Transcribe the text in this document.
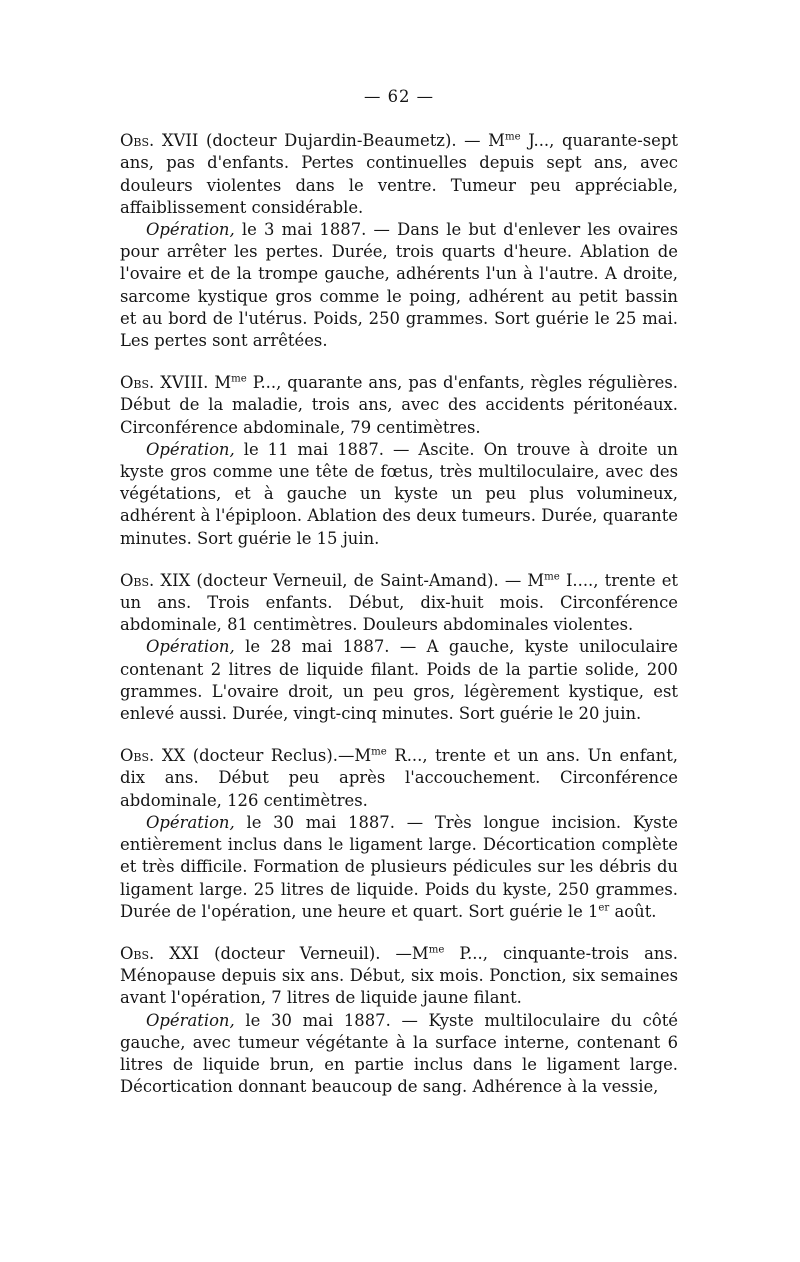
— 62 —

Obs. XVII (docteur Dujardin-Beaumetz). — $M^{me}$ J..., quarante-sept ans, pas d'enfants. Pertes continuelles depuis sept ans, avec douleurs violentes dans le ventre. Tumeur peu appréciable, affaiblissement considérable.

Opération, le 3 mai 1887. — Dans le but d'enlever les ovaires pour arrêter les pertes. Durée, trois quarts d'heure. Ablation de l'ovaire et de la trompe gauche, adhérents l'un à l'autre. A droite, sarcome kystique gros comme le poing, adhérent au petit bassin et au bord de l'utérus. Poids, 250 grammes. Sort guérie le 25 mai. Les pertes sont arrêtées.

Obs. XVIII. $M^{me}$ P..., quarante ans, pas d'enfants, règles régulières. Début de la maladie, trois ans, avec des accidents péritonéaux. Circonférence abdominale, 79 centimètres.

Opération, le 11 mai 1887. — Ascite. On trouve à droite un kyste gros comme une tête de fœtus, très multiloculaire, avec des végétations, et à gauche un kyste un peu plus volumineux, adhérent à l'épiploon. Ablation des deux tumeurs. Durée, quarante minutes. Sort guérie le 15 juin.

Obs. XIX (docteur Verneuil, de Saint-Amand). — $M^{me}$ I...., trente et un ans. Trois enfants. Début, dix-huit mois. Circonférence abdominale, 81 centimètres. Douleurs abdominales violentes.

Opération, le 28 mai 1887. — A gauche, kyste uniloculaire contenant 2 litres de liquide filant. Poids de la partie solide, 200 grammes. L'ovaire droit, un peu gros, légèrement kystique, est enlevé aussi. Durée, vingt-cinq minutes. Sort guérie le 20 juin.

Obs. XX (docteur $Reclus).—M^{me}$ R..., trente et un ans. Un enfant, dix ans. Début peu après l'accouchement. Circonférence abdominale, 126 centimètres.

Opération, le 30 mai 1887. — Très longue incision. Kyste entièrement inclus dans le ligament large. Décortication complète et très difficile. Formation de plusieurs pédicules sur les débris du ligament large. 25 litres de liquide. Poids du kyste, 250 grammes. Durée de l'opération, une heure et quart. Sort guérie le 1er août.

Obs. XXI (docteur Verneuil). $—M^{me}$ P..., cinquante-trois ans. Ménopause depuis six ans. Début, six mois. Ponction, six semaines avant l'opération, 7 litres de liquide jaune filant.

Opération, le 30 mai 1887. — Kyste multiloculaire du côté gauche, avec tumeur végétante à la surface interne, contenant 6 litres de liquide brun, en partie inclus dans le ligament large. Décortication donnant beaucoup de sang. Adhérence à la vessie,
